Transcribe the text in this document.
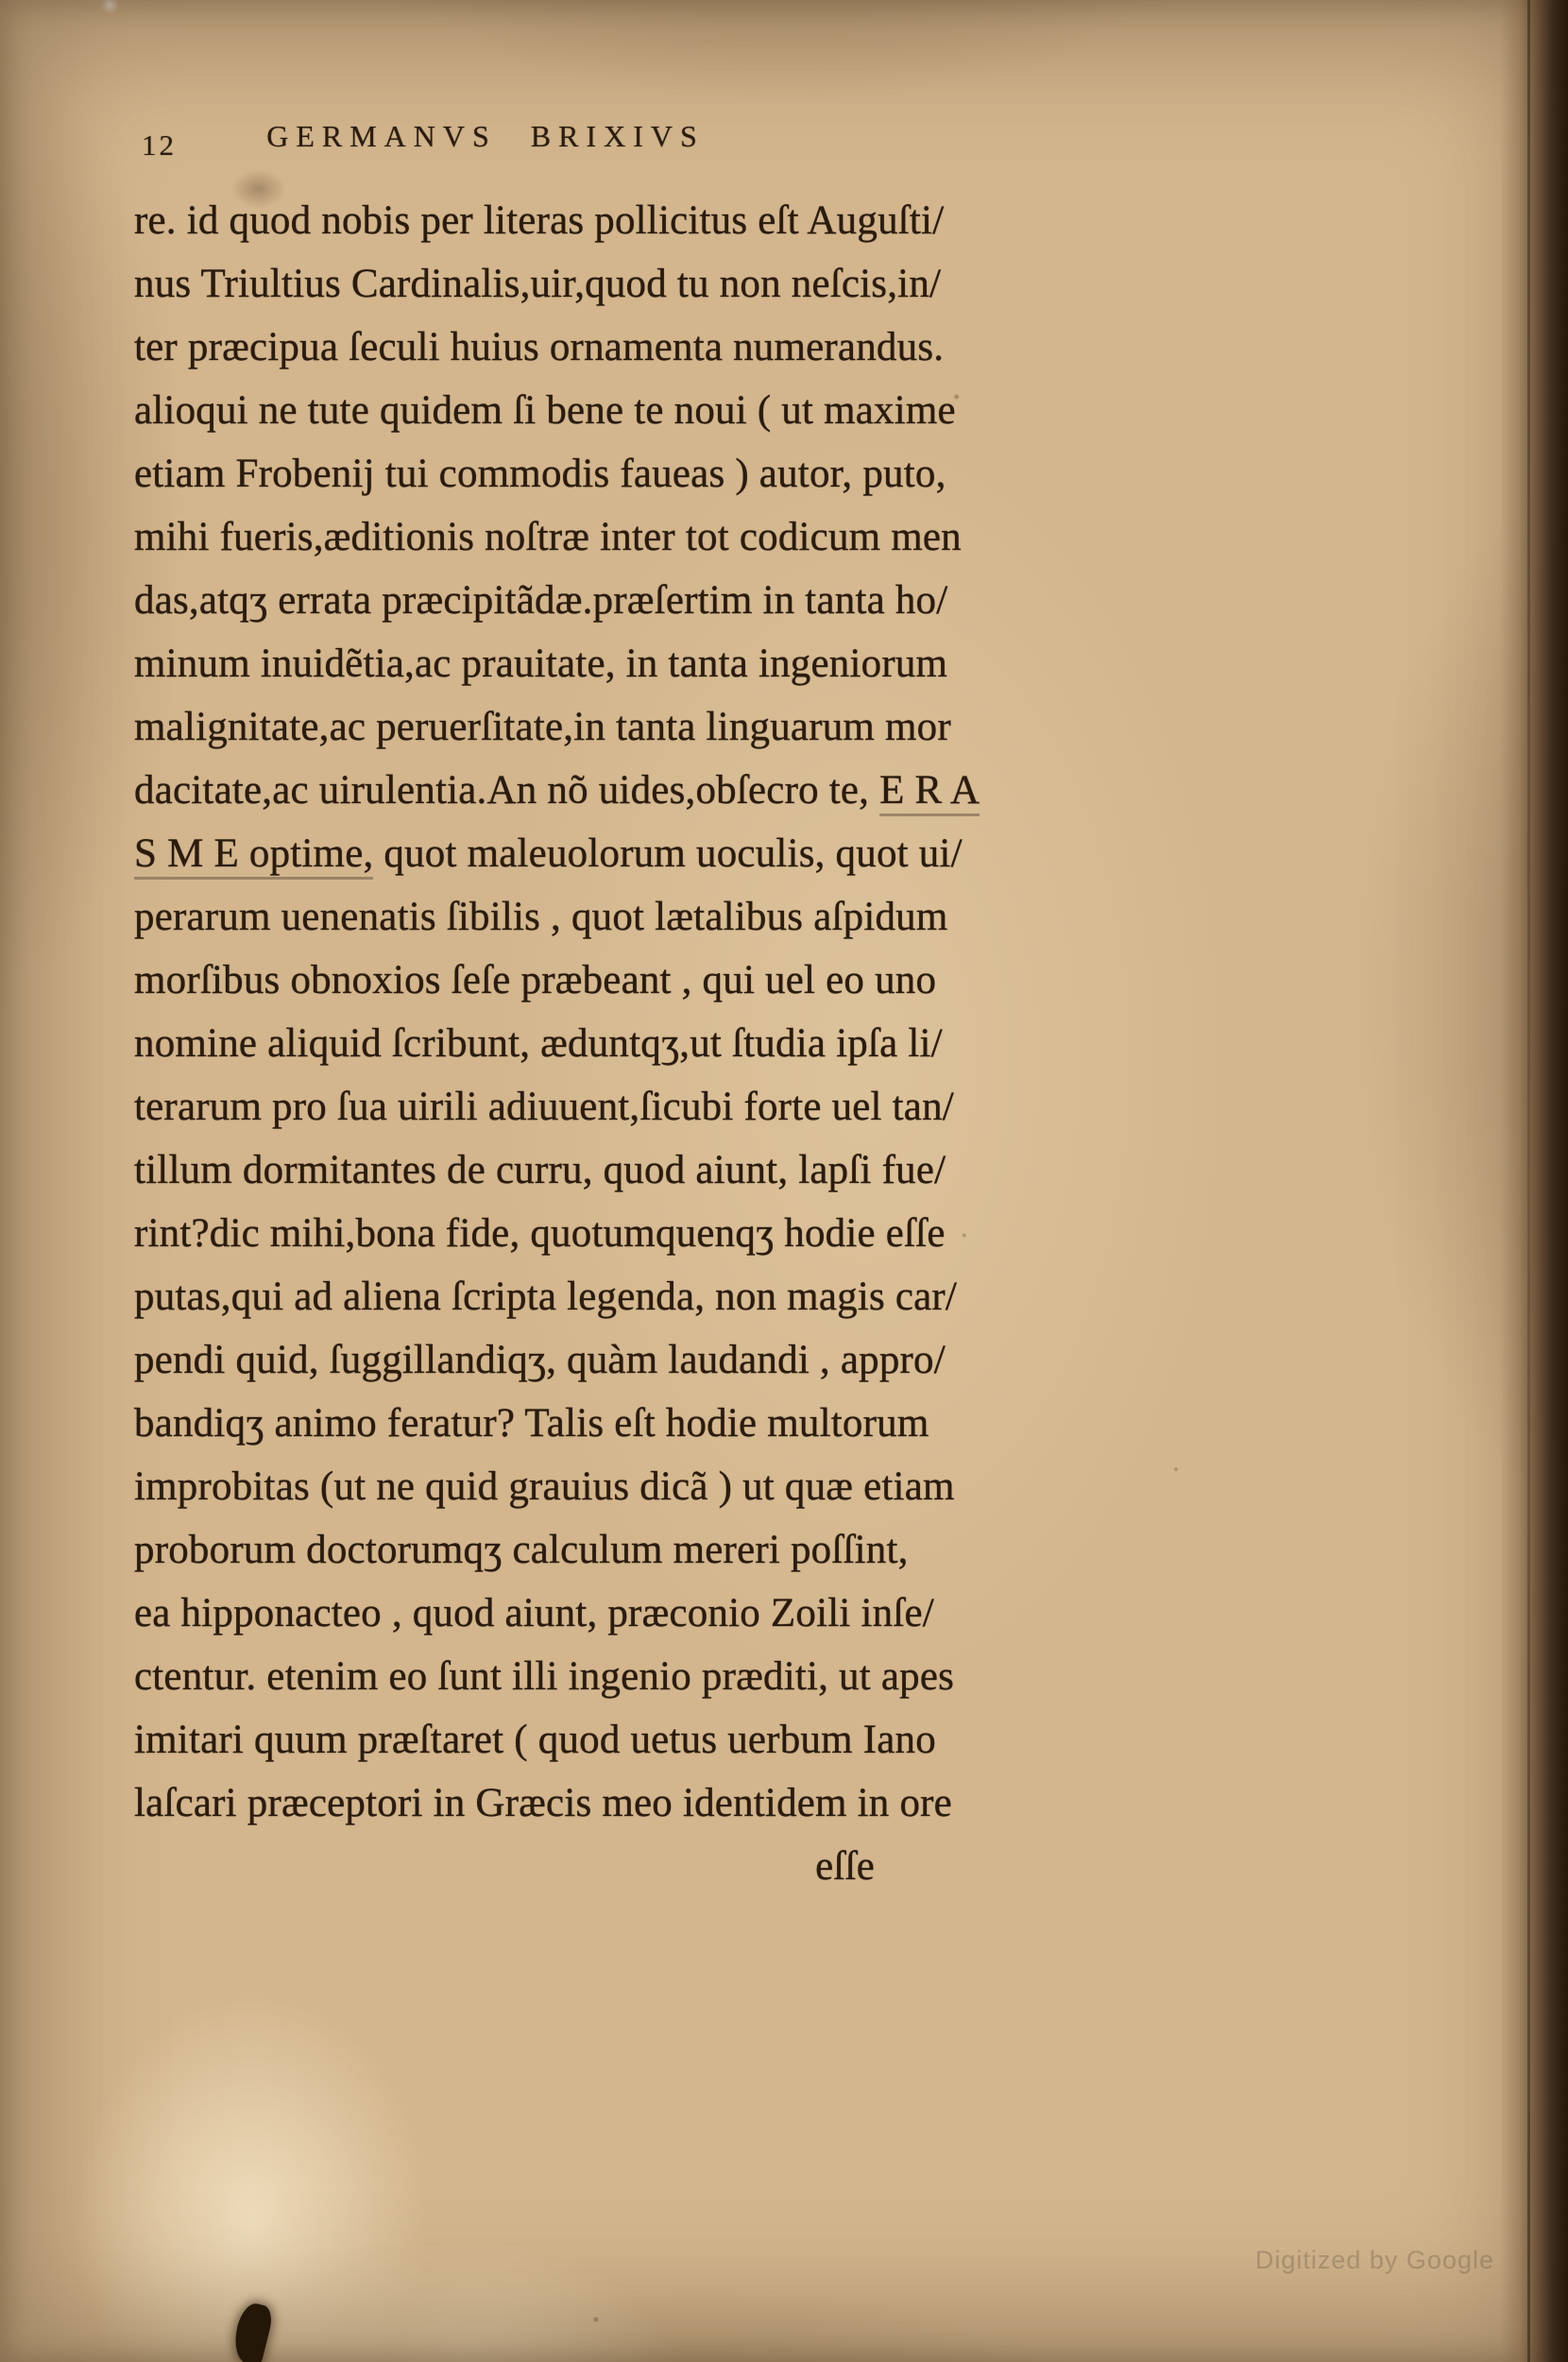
12	GERMANVS BRIXIVS
re. id quod nobis per literas pollicitus eſt Auguſti/
nus Triultius Cardinalis,uir,quod tu non neſcis,in/
ter præcipua ſeculi huius ornamenta numerandus.
alioqui ne tute quidem ſi bene te noui ( ut maxime
etiam Frobenij tui commodis faueas ) autor, puto,
mihi fueris,æditionis noſtræ inter tot codicum men
das,atqʒ errata præcipitãdæ.præſertim in tanta ho/
minum inuidẽtia,ac prauitate, in tanta ingeniorum
malignitate,ac peruerſitate,in tanta linguarum mor
dacitate,ac uirulentia.An nõ uides,obſecro te, E R A
S M E optime, quot maleuolorum uoculis, quot ui/
perarum uenenatis ſibilis , quot lætalibus aſpidum
morſibus obnoxios ſeſe præbeant , qui uel eo uno
nomine aliquid ſcribunt, æduntqʒ,ut ſtudia ipſa li/
terarum pro ſua uirili adiuuent,ſicubi forte uel tan/
tillum dormitantes de curru, quod aiunt, lapſi fue/
rint?dic mihi,bona fide, quotumquenqʒ hodie eſſe
putas,qui ad aliena ſcripta legenda, non magis car/
pendi quid, ſuggillandiqʒ, quàm laudandi , appro/
bandiqʒ animo feratur? Talis eſt hodie multorum
improbitas (ut ne quid grauius dicã ) ut quæ etiam
proborum doctorumqʒ calculum mereri poſſint,
ea hipponacteo , quod aiunt, præconio Zoili inſe/
ctentur. etenim eo ſunt illi ingenio præditi, ut apes
imitari quum præſtaret ( quod uetus uerbum Iano
laſcari præceptori in Græcis meo identidem in ore
eſſe
Digitized by Google
